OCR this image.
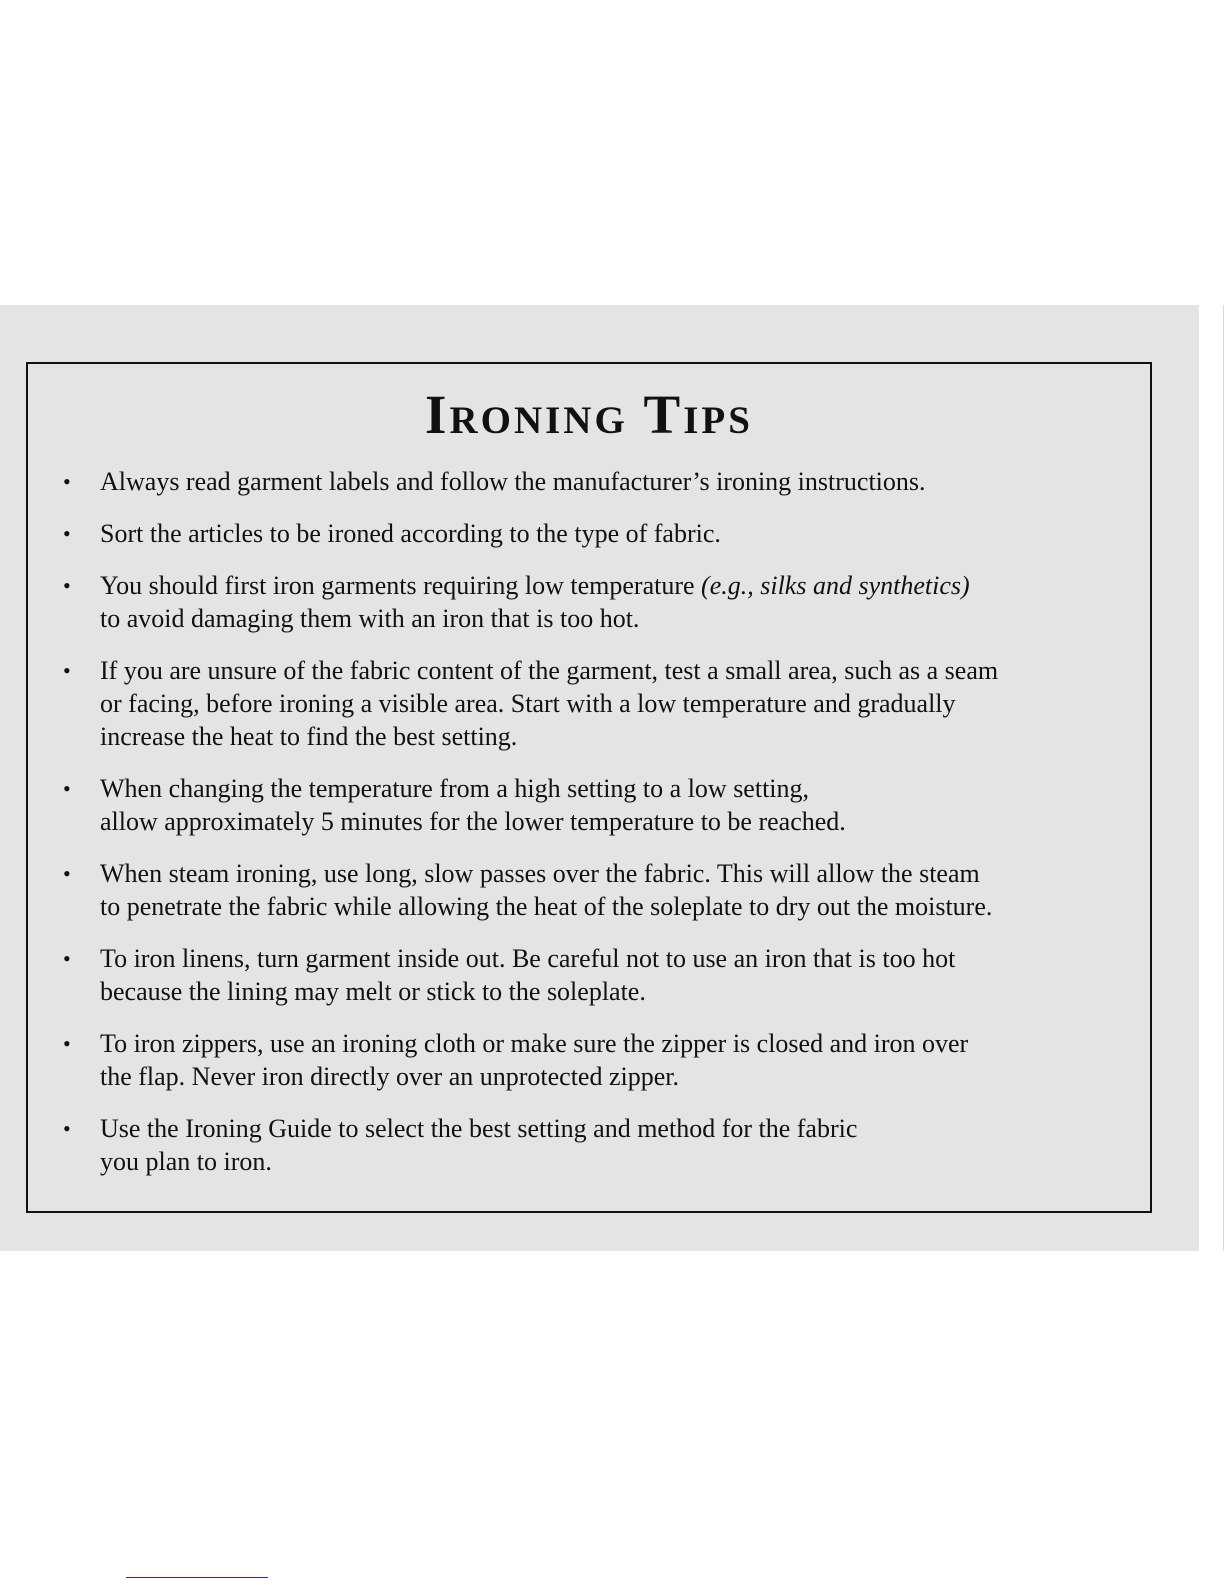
Ironing Tips
• Always read garment labels and follow the manufacturer’s ironing instructions.
• Sort the articles to be ironed according to the type of fabric.
• You should first iron garments requiring low temperature (e.g., silks and synthetics)
to avoid damaging them with an iron that is too hot.
• If you are unsure of the fabric content of the garment, test a small area, such as a seam
or facing, before ironing a visible area. Start with a low temperature and gradually
increase the heat to find the best setting.
• When changing the temperature from a high setting to a low setting,
allow approximately 5 minutes for the lower temperature to be reached.
• When steam ironing, use long, slow passes over the fabric. This will allow the steam
to penetrate the fabric while allowing the heat of the soleplate to dry out the moisture.
• To iron linens, turn garment inside out. Be careful not to use an iron that is too hot
because the lining may melt or stick to the soleplate.
• To iron zippers, use an ironing cloth or make sure the zipper is closed and iron over
the flap. Never iron directly over an unprotected zipper.
• Use the Ironing Guide to select the best setting and method for the fabric
you plan to iron.
